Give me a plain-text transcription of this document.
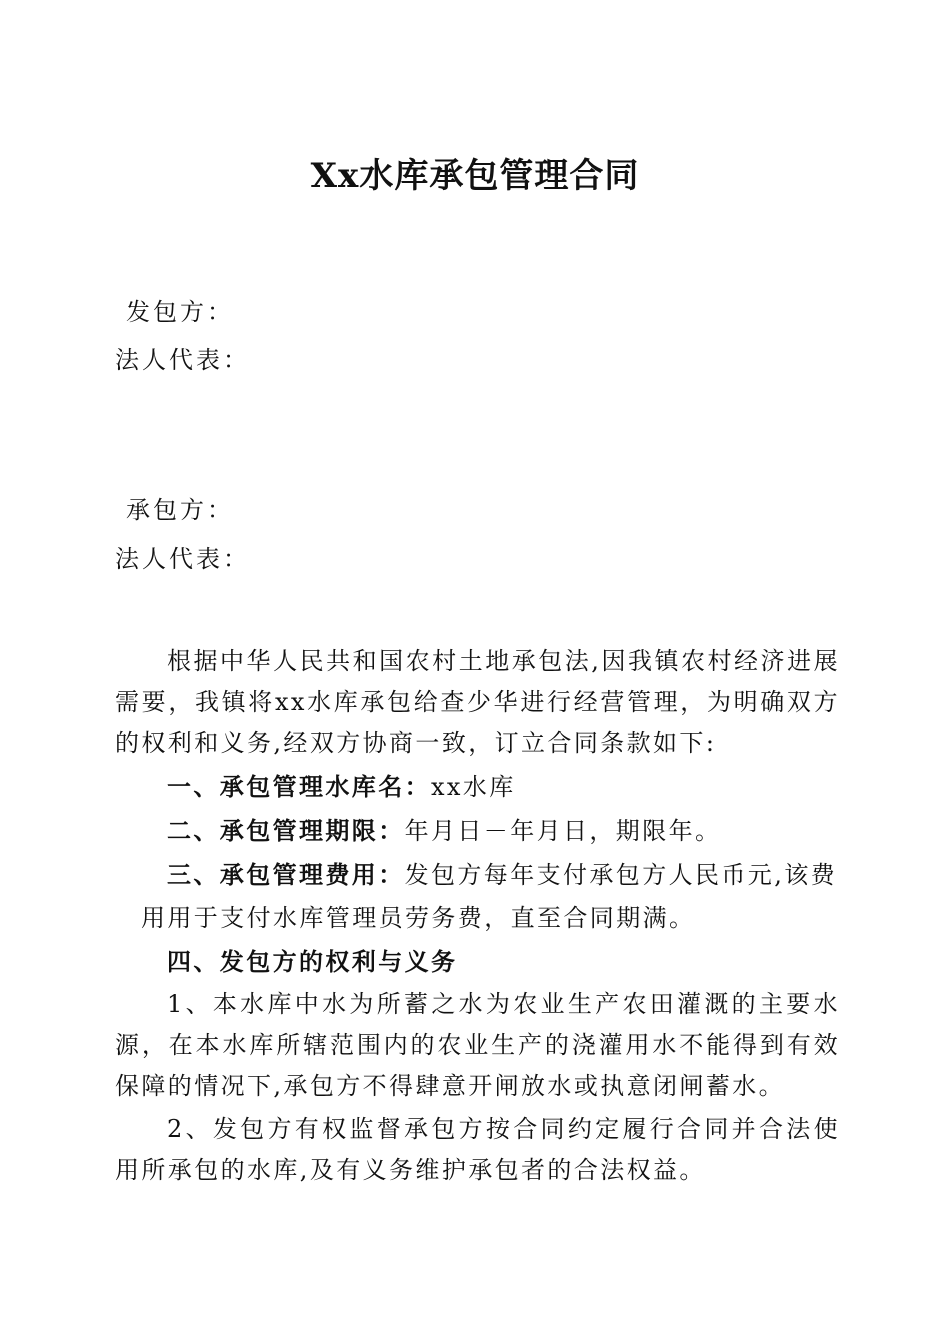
Xx水库承包管理合同
发包方：
法人代表：
承包方：
法人代表：

根据中华人民共和国农村土地承包法,因我镇农村经济进展需要，我镇将xx水库承包给查少华进行经营管理，为明确双方的权利和义务,经双方协商一致，订立合同条款如下:

一、承包管理水库名：xx水库

二、承包管理期限：年月日－年月日，期限年。

三、承包管理费用：发包方每年支付承包方人民币元,该费

用用于支付水库管理员劳务费，直至合同期满。

四、发包方的权利与义务

1、本水库中水为所蓄之水为农业生产农田灌溉的主要水源，在本水库所辖范围内的农业生产的浇灌用水不能得到有效保障的情况下,承包方不得肆意开闸放水或执意闭闸蓄水。

2、发包方有权监督承包方按合同约定履行合同并合法使用所承包的水库,及有义务维护承包者的合法权益。
